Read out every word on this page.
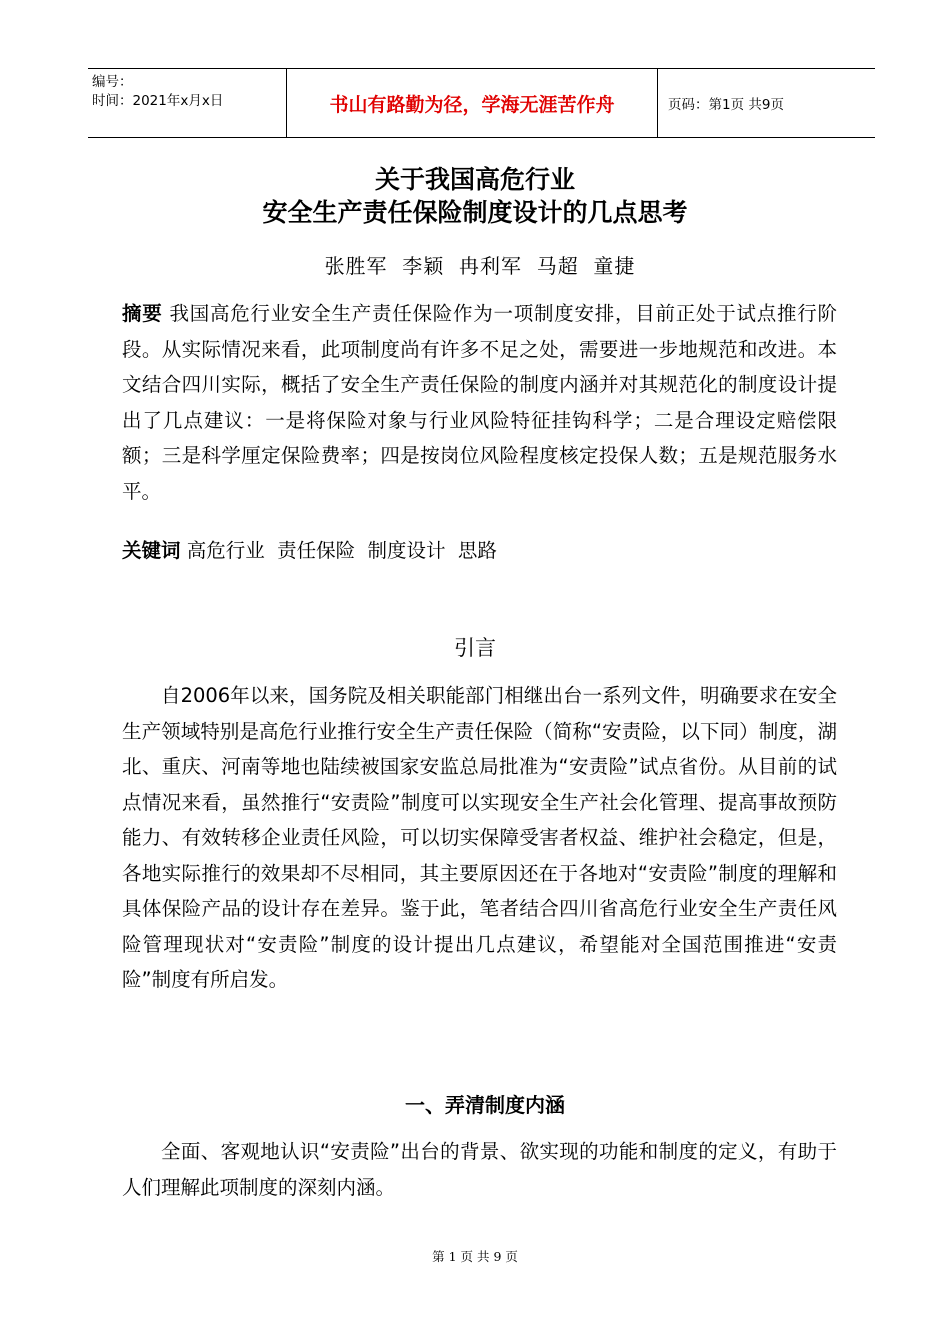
编号：
时间：2021年x月x日	书山有路勤为径，学海无涯苦作舟	页码：第1页 共9页
关于我国高危行业
安全生产责任保险制度设计的几点思考
张胜军  李颖  冉利军  马超  童捷
摘要 我国高危行业安全生产责任保险作为一项制度安排，目前正处于试点推行阶段。从实际情况来看，此项制度尚有许多不足之处，需要进一步地规范和改进。本文结合四川实际，概括了安全生产责任保险的制度内涵并对其规范化的制度设计提出了几点建议：一是将保险对象与行业风险特征挂钩科学；二是合理设定赔偿限额；三是科学厘定保险费率；四是按岗位风险程度核定投保人数；五是规范服务水平。
关键词 高危行业  责任保险  制度设计  思路
引言
自2006年以来，国务院及相关职能部门相继出台一系列文件，明确要求在安全生产领域特别是高危行业推行安全生产责任保险（简称“安责险，以下同）制度，湖北、重庆、河南等地也陆续被国家安监总局批准为“安责险”试点省份。从目前的试点情况来看，虽然推行“安责险”制度可以实现安全生产社会化管理、提高事故预防能力、有效转移企业责任风险，可以切实保障受害者权益、维护社会稳定，但是，各地实际推行的效果却不尽相同，其主要原因还在于各地对“安责险”制度的理解和具体保险产品的设计存在差异。鉴于此，笔者结合四川省高危行业安全生产责任风险管理现状对“安责险”制度的设计提出几点建议，希望能对全国范围推进“安责险”制度有所启发。
一、弄清制度内涵
全面、客观地认识“安责险”出台的背景、欲实现的功能和制度的定义，有助于人们理解此项制度的深刻内涵。
第 1 页 共 9 页
